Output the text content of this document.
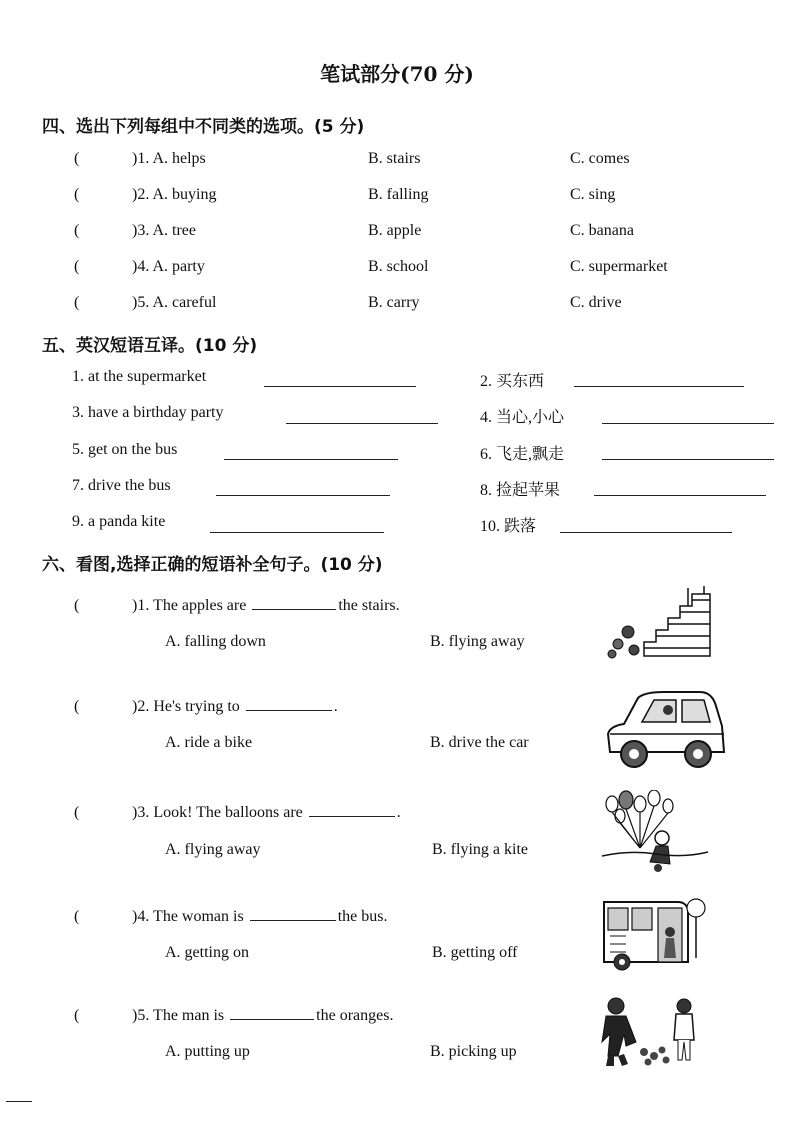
笔试部分(70 分)
四、选出下列每组中不同类的选项。(5 分)
(	)1. A. helps	B. stairs	C. comes
(	)2. A. buying	B. falling	C. sing
(	)3. A. tree	B. apple	C. banana
(	)4. A. party	B. school	C. supermarket
(	)5. A. careful	B. carry	C. drive
五、英汉短语互译。(10 分)
1. at the supermarket	2. 买东西
3. have a birthday party	4. 当心,小心
5. get on the bus	6. 飞走,飘走
7. drive the bus	8. 捡起苹果
9. a panda kite	10. 跌落
六、看图,选择正确的短语补全句子。(10 分)
(	)1. The apples are	the stairs.
A. falling down	B. flying away
(	)2. He's trying to	.
A. ride a bike	B. drive the car
(	)3. Look! The balloons are	.
A. flying away	B. flying a kite
(	)4. The woman is	the bus.
A. getting on	B. getting off
(	)5. The man is	the oranges.
A. putting up	B. picking up
